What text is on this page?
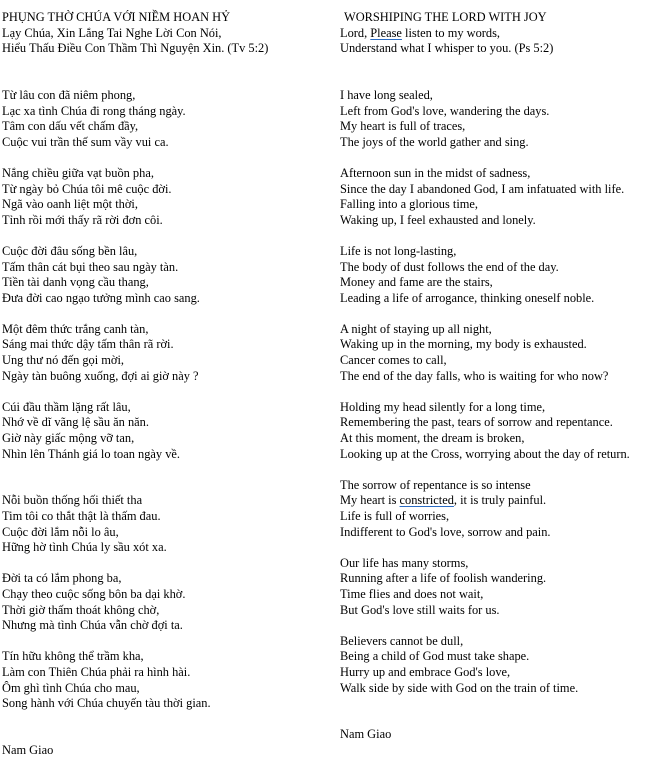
PHỤNG THỜ CHÚA VỚI NIỀM HOAN HỶ
Lạy Chúa, Xin Lắng Tai Nghe Lời Con Nói,
Hiểu Thấu Điều Con Thầm Thì Nguyện Xin. (Tv 5:2)
Từ lâu con đã niêm phong,
Lạc xa tình Chúa đi rong tháng ngày.
Tâm con dấu vết chấm đầy,
Cuộc vui trần thế sum vầy vui ca.
Nắng chiều giữa vạt buồn pha,
Từ ngày bỏ Chúa tôi mê cuộc đời.
Ngã vào oanh liệt một thời,
Tỉnh rồi mới thấy rã rời đơn côi.
Cuộc đời đâu sống bền lâu,
Tấm thân cát bụi theo sau ngày tàn.
Tiền tài danh vọng cầu thang,
Đưa đời cao ngạo tưởng mình cao sang.
Một đêm thức trắng canh tàn,
Sáng mai thức dậy tấm thân rã rời.
Ung thư nó đến gọi mời,
Ngày tàn buông xuống, đợi ai giờ này ?
Cúi đầu thầm lặng rất lâu,
Nhớ về dĩ vãng lệ sầu ăn năn.
Giờ này giấc mộng vỡ tan,
Nhìn lên Thánh giá lo toan ngày về.
Nỗi buồn thống hối thiết tha
Tim tôi co thắt thật là thấm đau.
Cuộc đời lắm nỗi lo âu,
Hững hờ tình Chúa ly sầu xót xa.
Đời ta có lắm phong ba,
Chạy theo cuộc sống bôn ba dại khờ.
Thời giờ thấm thoát không chờ,
Nhưng mà tình Chúa vẫn chờ đợi ta.
Tín hữu không thể trầm kha,
Làm con Thiên Chúa phải ra hình hài.
Ôm ghì tình Chúa cho mau,
Song hành với Chúa chuyến tàu thời gian.
Nam Giao
WORSHIPING THE LORD WITH JOY
Lord, Please listen to my words,
Understand what I whisper to you. (Ps 5:2)
I have long sealed,
Left from God's love, wandering the days.
My heart is full of traces,
The joys of the world gather and sing.
Afternoon sun in the midst of sadness,
Since the day I abandoned God, I am infatuated with life.
Falling into a glorious time,
Waking up, I feel exhausted and lonely.
Life is not long-lasting,
The body of dust follows the end of the day.
Money and fame are the stairs,
Leading a life of arrogance, thinking oneself noble.
A night of staying up all night,
Waking up in the morning, my body is exhausted.
Cancer comes to call,
The end of the day falls, who is waiting for who now?
Holding my head silently for a long time,
Remembering the past, tears of sorrow and repentance.
At this moment, the dream is broken,
Looking up at the Cross, worrying about the day of return.
The sorrow of repentance is so intense
My heart is constricted, it is truly painful.
Life is full of worries,
Indifferent to God's love, sorrow and pain.
Our life has many storms,
Running after a life of foolish wandering.
Time flies and does not wait,
But God's love still waits for us.
Believers cannot be dull,
Being a child of God must take shape.
Hurry up and embrace God's love,
Walk side by side with God on the train of time.
Nam Giao
